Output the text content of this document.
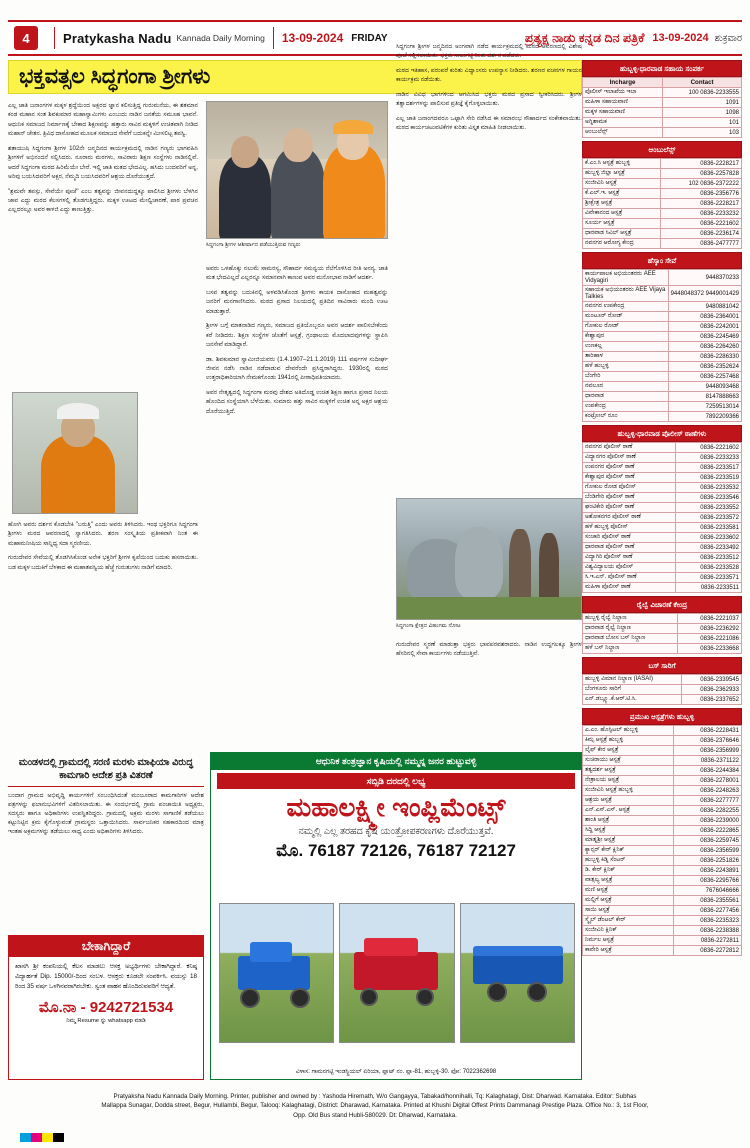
4	Pratykasha Nadu Kannada Daily Morning 13-09-2024 FRIDAY	ಪ್ರತ್ಯಕ್ಷ ನಾಡು ಕನ್ನಡ ದಿನ ಪತ್ರಿಕೆ 13-09-2024 ಶುಕ್ರವಾರ
ಭಕ್ತವತ್ಸಲ ಸಿದ್ಧಗಂಗಾ ಶ್ರೀಗಳು
ಸಿದ್ಧಗಂಗಾ ಶ್ರೀಗಳ ಆಶೀರ್ವಾದ ಪಡೆಯುತ್ತಿರುವ ಗಣ್ಯರು

ಎಲ್ಲ ಜಾತಿ ಜನಾಂಗಗಳ ಮಕ್ಕಳ ಶ್ರದ್ಧೆಯಿಂದ ಅಕ್ಷರದ ಜ್ಞಾನ ಕಲಿಸುತ್ತಿದ್ದ ಗುರುಮನೆಯ, ಈ ಶತಮಾನ ಕಂಡ ಮಹಾನ ಸಂತ ಶಿವಕುಮಾರ ಮಹಾಸ್ವಾಮಿಗಳು ಎಂಬುದು ನಾಡಿನ ಜನತೆಯ ಸಮೂಹ ಭಾವನೆ. ಆಧುನಿಕ ಸಮಾಜದ ನಿರ್ಮಾಣಕ್ಕೆ ಬೇಕಾದ ಶಿಕ್ಷಣವನ್ನು ಹತ್ತಾರು ಸಾವಿರ ಮಕ್ಕಳಿಗೆ ಉಚಿತವಾಗಿ ನೀಡಿದ ಮಹಾನ್ ಚೇತನ. ತ್ರಿವಿಧ ದಾಸೋಹದ ಮೂಲಕ ಸಮಾಜದ ಸೇವೆಗೆ ಬದುಕನ್ನೇ ಮೀಸಲಿಟ್ಟ ತಪಸ್ವಿ.

ಶತಾಯುಷಿ ಸಿದ್ಧಗಂಗಾ ಶ್ರೀಗಳ 102ನೇ ಜನ್ಮದಿನದ ಕಾರ್ಯಕ್ರಮದಲ್ಲಿ ನಾಡಿನ ಗಣ್ಯರು ಭಾಗವಹಿಸಿ ಶ್ರೀಗಳಿಗೆ ಅಭಿನಂದನೆ ಸಲ್ಲಿಸಿದರು. ನೂರಾರು ಮಠಗಳು, ಸಾವಿರಾರು ಶಿಕ್ಷಣ ಸಂಸ್ಥೆಗಳು ನಾಡಿನಲ್ಲಿವೆ. ಆದರೆ ಸಿದ್ಧಗಂಗಾ ಮಠದ ಹಿರಿಮೆಯೇ ಬೇರೆ. ಇಲ್ಲಿ ಜಾತಿ ಮತದ ಭೇದವಿಲ್ಲ. ಹಸಿದು ಬಂದವರಿಗೆ ಅನ್ನ, ಅರಿವು ಬಯಸಿದವರಿಗೆ ಅಕ್ಷರ, ನೆಮ್ಮದಿ ಬಯಸಿದವರಿಗೆ ಆಶ್ರಯ ದೊರೆಯುತ್ತದೆ.

"ಶ್ರಮವೇ ತಪಸ್ಸು, ಸೇವೆಯೇ ಪೂಜೆ" ಎಂಬ ತತ್ವವನ್ನು ಜೀವನದುದ್ದಕ್ಕೂ ಪಾಲಿಸಿದ ಶ್ರೀಗಳು ಬೆಳಗಿನ ಜಾವ ಎದ್ದು ಮಠದ ಕೆಲಸಗಳಲ್ಲಿ ತೊಡಗುತ್ತಿದ್ದರು. ಮಕ್ಕಳ ಊಟದ ಮೇಲ್ವಿಚಾರಣೆ, ಪಾಠ ಪ್ರವಚನ ಎಲ್ಲದರಲ್ಲೂ ಅವರ ಕಾಳಜಿ ಎದ್ದು ಕಾಣುತ್ತಿತ್ತು.

ಹೋಗಿ ಅವರು ದರ್ಶನ ಕೊಡಬೇಕಿ "ಬರುತ್ತಿ" ಎಂದು ಅವರು ತಿಳಿಸಿದರು. ಇಂಥ ಭಕ್ತರಿಗೂ ಸಿದ್ಧಗಂಗಾ ಶ್ರೀಗಳು ಮಠದ ಆವರಣದಲ್ಲಿ ಸ್ವಾಗತಿಸಿದರು. ಶರಣ ಸಂಸ್ಕೃತಿಯ ಪ್ರತೀಕವಾಗಿ ನಿಂತ ಈ ಮಹಾಮನೀಷಿಯ ಸಾನ್ನಿಧ್ಯ ಸದಾ ಸ್ಮರಣೀಯ.

ಗುರುದೇವರ ಸೇವೆಯಲ್ಲಿ ತೊಡಗಿಸಿಕೊಂಡ ಅನೇಕ ಭಕ್ತರಿಗೆ ಶ್ರೀಗಳ ಕೃಪೆಯಿಂದ ಬದುಕು ಹಸನಾಯಿತು. ಬಡ ಮಕ್ಕಳ ಬದುಕಿಗೆ ಬೆಳಕಾದ ಈ ಮಹಾತಪಸ್ವಿಯ ಹೆಜ್ಜೆ ಗುರುತುಗಳು ನಾಡಿಗೆ ಮಾದರಿ.

ಅವರು ಒಳಹೊಕ್ಕು ನಲುಮೆ ಸಾಮರಸ್ಯ, ಸೌಹಾರ್ದ ಸಮನ್ವಯ ನೆಲೆಗೊಳಿಸಿದ ರೀತಿ ಅನನ್ಯ. ಜಾತಿ ಮತ ಭೇದವಿಲ್ಲದೆ ಎಲ್ಲರನ್ನೂ ಸಮಾನವಾಗಿ ಕಾಣುವ ಅವರ ಮನೋಭಾವ ನಾಡಿಗೆ ಆದರ್ಶ.

ಬಸವ ತತ್ವವನ್ನು ಬದುಕಿನಲ್ಲಿ ಅಳವಡಿಸಿಕೊಂಡ ಶ್ರೀಗಳು ಕಾಯಕ ದಾಸೋಹದ ಮಹತ್ವವನ್ನು ಜನರಿಗೆ ಮನಗಾಣಿಸಿದರು. ಮಠದ ಪ್ರಸಾದ ನಿಲಯದಲ್ಲಿ ಪ್ರತಿದಿನ ಸಾವಿರಾರು ಮಂದಿ ಊಟ ಮಾಡುತ್ತಾರೆ.

ಶ್ರೀಗಳ ಬಗ್ಗೆ ಮಾತನಾಡಿದ ಗಣ್ಯರು, ಸಮಾಜದ ಪ್ರತಿಯೊಬ್ಬರೂ ಅವರ ಆದರ್ಶ ಪಾಲಿಸಬೇಕೆಂದು ಕರೆ ನೀಡಿದರು. ಶಿಕ್ಷಣ ಸಂಸ್ಥೆಗಳ ಜೊತೆಗೆ ಆಸ್ಪತ್ರೆ, ಗ್ರಂಥಾಲಯ ಮೊದಲಾದವುಗಳನ್ನು ಸ್ಥಾಪಿಸಿ ಜನಸೇವೆ ಮಾಡಿದ್ದಾರೆ.

ಡಾ. ಶಿವಕುಮಾರ ಸ್ವಾಮೀಜಿಯವರು (1.4.1907–21.1.2019) 111 ವರ್ಷಗಳ ಸುದೀರ್ಘ ಜೀವನ ನಡೆಸಿ ನಾಡಿನ ನಡೆದಾಡುವ ದೇವರೆಂದೇ ಪ್ರಸಿದ್ಧರಾಗಿದ್ದರು. 1930ರಲ್ಲಿ ಮಠದ ಉತ್ತರಾಧಿಕಾರಿಯಾಗಿ ನೇಮಕಗೊಂಡು 1941ರಲ್ಲಿ ಪೀಠಾಧಿಪತಿಯಾದರು.

ಅವರ ನೇತೃತ್ವದಲ್ಲಿ ಸಿದ್ಧಗಂಗಾ ಮಠವು ದೇಶದ ಅತಿದೊಡ್ಡ ಉಚಿತ ಶಿಕ್ಷಣ ಹಾಗೂ ಪ್ರಸಾದ ನಿಲಯ ಹೊಂದಿದ ಸಂಸ್ಥೆಯಾಗಿ ಬೆಳೆಯಿತು. ಸುಮಾರು ಹತ್ತು ಸಾವಿರ ಮಕ್ಕಳಿಗೆ ಉಚಿತ ಅನ್ನ ಅಕ್ಷರ ಆಶ್ರಯ ದೊರೆಯುತ್ತಿದೆ.

ಸಿದ್ಧಗಂಗಾ ಶ್ರೀಗಳ ಜನ್ಮದಿನದ ಅಂಗವಾಗಿ ನಡೆದ ಕಾರ್ಯಕ್ರಮದಲ್ಲಿ ಮಠದ ಆವರಣದಲ್ಲಿ ವಿಶೇಷ ಪೂಜೆ ಸಲ್ಲಿಸಲಾಯಿತು. ಭಕ್ತರು ಸಾಲುಗಟ್ಟಿ ನಿಂತು ದರ್ಶನ ಪಡೆದರು.

ಮಠದ ಇತಿಹಾಸ, ಪರಂಪರೆ ಕುರಿತು ವಿದ್ವಾಂಸರು ಉಪನ್ಯಾಸ ನೀಡಿದರು. ಶರಣರ ವಚನಗಳ ಗಾಯನ ಕಾರ್ಯಕ್ರಮ ನಡೆಯಿತು.

ನಾಡಿನ ವಿವಿಧ ಭಾಗಗಳಿಂದ ಆಗಮಿಸಿದ ಭಕ್ತರು ಮಠದ ಪ್ರಸಾದ ಸ್ವೀಕರಿಸಿದರು. ಶ್ರೀಗಳ ತತ್ವಾದರ್ಶಗಳನ್ನು ಪಾಲಿಸುವ ಪ್ರತಿಜ್ಞೆ ಕೈಗೊಳ್ಳಲಾಯಿತು.

ಎಲ್ಲ ಜಾತಿ ಜನಾಂಗದವರೂ ಒಟ್ಟಾಗಿ ಸೇರಿ ನಡೆಸಿದ ಈ ಸಮಾರಂಭ ಸೌಹಾರ್ದದ ಸಂಕೇತವಾಯಿತು. ಮಠದ ಕಾರ್ಯಚಟುವಟಿಕೆಗಳ ಕುರಿತು ವಿಸ್ತೃತ ಮಾಹಿತಿ ನೀಡಲಾಯಿತು.

ಸಿದ್ಧಗಂಗಾ ಕ್ಷೇತ್ರದ ವಿಹಂಗಮ ನೋಟ

ಗುರುದೇವರ ಸ್ಮರಣೆ ಮಾಡುತ್ತಾ ಭಕ್ತರು ಭಾವಪರವಶರಾದರು. ನಾಡಿನ ಉದ್ದಗಲಕ್ಕೂ ಶ್ರೀಗಳ ಹೆಸರಿನಲ್ಲಿ ಸೇವಾ ಕಾರ್ಯಗಳು ನಡೆಯುತ್ತಿವೆ.

ಮಂಡಳದಲ್ಲಿ ಗ್ರಾಮದಲ್ಲಿ ಸರಣಿ ಮರಳು ಮಾಫಿಯಾ ವಿರುದ್ಧ ಕಾಮಗಾರಿ ಆದೇಶ ಪ್ರತಿ ವಿತರಣೆ
ಬಂದಾಗ ಗ್ರಾಮದ ಅಭಿವೃದ್ಧಿ ಕಾರ್ಯಗಳಿಗೆ ಸಂಬಂಧಿಸಿದಂತೆ ಮಂಜೂರಾದ ಕಾಮಗಾರಿಗಳ ಆದೇಶ ಪತ್ರಗಳನ್ನು ಫಲಾನುಭವಿಗಳಿಗೆ ವಿತರಿಸಲಾಯಿತು. ಈ ಸಂದರ್ಭದಲ್ಲಿ ಗ್ರಾಮ ಪಂಚಾಯಿತಿ ಅಧ್ಯಕ್ಷರು, ಸದಸ್ಯರು ಹಾಗೂ ಅಧಿಕಾರಿಗಳು ಉಪಸ್ಥಿತರಿದ್ದರು. ಗ್ರಾಮದಲ್ಲಿ ಅಕ್ರಮ ಮರಳು ಸಾಗಾಣಿಕೆ ತಡೆಯಲು ಕಟ್ಟುನಿಟ್ಟಿನ ಕ್ರಮ ಕೈಗೊಳ್ಳುವಂತೆ ಗ್ರಾಮಸ್ಥರು ಒತ್ತಾಯಿಸಿದರು. ಸಾರ್ವಜನಿಕರ ಸಹಕಾರದಿಂದ ಮಾತ್ರ ಇಂತಹ ಅಕ್ರಮಗಳನ್ನು ತಡೆಯಲು ಸಾಧ್ಯ ಎಂದು ಅಧಿಕಾರಿಗಳು ತಿಳಿಸಿದರು.
ಬೇಕಾಗಿದ್ದಾರೆ
ಖಾಸಗಿ ಶ್ರೀ ಕಂಪನಿಯಲ್ಲಿ ಕೆಲಸ ಮಾಡಲು ಆಸಕ್ತ ಅಭ್ಯರ್ಥಿಗಳು ಬೇಕಾಗಿದ್ದಾರೆ. ಕನಿಷ್ಠ ವಿದ್ಯಾರ್ಹತೆ Dip. 15000/-ದಿಂದ ಸಂಬಳ. ಆಸಕ್ತರು ಕೂಡಲೇ ಸಂಪರ್ಕಿಸಿ. ವಯಸ್ಸು 18 ರಿಂದ 35 ವರ್ಷ ಒಳಗಿನವರಾಗಿರಬೇಕು. ಸ್ವಂತ ವಾಹನ ಹೊಂದಿರುವವರಿಗೆ ಆದ್ಯತೆ.
ಮೊ.ನಾ - 9242721534
ನಿಮ್ಮ Resume ನ್ನು whatsapp ಮಾಡಿ
ಆಧುನಿಕ ತಂತ್ರಜ್ಞಾನ ಕೃಷಿಯಲ್ಲಿ ನಮ್ಮನ್ನ ಜನರ ಹುಟ್ಟುವಳ್ಳಿ
ಸಬ್ಸಿಡಿ ದರದಲ್ಲಿ ಲಭ್ಯ
ಮಹಾಲಕ್ಷ್ಮೀ ಇಂಪ್ಲಿಮೆಂಟ್ಸ್
ನಮ್ಮಲ್ಲಿ ಎಲ್ಲ ತರಹದ ಕೃಷಿ ಯಂತ್ರೋಪಕರಣಗಳು ದೊರೆಯುತ್ತವೆ.
ಮೊ. 76187 72126, 76187 72127
ವಿಳಾಸ: ಗಾಮನಗಟ್ಟಿ ಇಂಡಸ್ಟ್ರಿಯಲ್ ಏರಿಯಾ, ಪ್ಲಾಟ್ ನಂ. ಪ್ಲಾ-81, ಹುಬ್ಬಳ್ಳಿ-30. ಫೋ: 7022362698
ಹುಬ್ಬಳ್ಳಿ-ಧಾರವಾಡ ಸಹಾಯ ಸಂಪರ್ಕ
Incharge	Contact
ಪೊಲೀಸ್ ಇಲಾಖೆಯ ಇಲಾ	100 0836-2233555
ಮಹಿಳಾ ಸಹಾಯವಾಣಿ	1091
ಮಕ್ಕಳ ಸಹಾಯವಾಣಿ	1098
ಅಗ್ನಿಶಾಮಕ	101
ಆಂಬುಲೆನ್ಸ್	103
ಆಂಬುಲೆನ್ಸ್
ಕೆ.ಎಂ.ಸಿ ಆಸ್ಪತ್ರೆ ಹುಬ್ಬಳ್ಳಿ	0836-2228217
ಹುಬ್ಬಳ್ಳಿ ಜಿಲ್ಲಾ ಆಸ್ಪತ್ರೆ	0836-2257828
ಸಂಜೀವಿನಿ ಆಸ್ಪತ್ರೆ	102 0836-2372222
ಕೆ.ಎಲ್.ಇ. ಆಸ್ಪತ್ರೆ	0836-2356776
ಶ್ರೀಕ್ಷೇತ್ರ ಆಸ್ಪತ್ರೆ	0836-2228217
ವಿವೇಕಾನಂದ ಆಸ್ಪತ್ರೆ	0836-2233232
ಸೂರ್ಯ ಆಸ್ಪತ್ರೆ	0836-2221602
ಧಾರವಾಡ ಸಿವಿಲ್ ಆಸ್ಪತ್ರೆ	0836-2236174
ನವನಗರ ಆರೋಗ್ಯ ಕೇಂದ್ರ	0836-2477777
ಹೆಸ್ಕಾಂ ಸೇವೆ
ಕಾರ್ಯಪಾಲಕ ಅಭಿಯಂತರರು AEE Vidyagiri	9448370233
ಸಹಾಯಕ ಅಭಿಯಂತರರು AEE Vijaya Talkies	9448048372 9449001429
ನವನಗರ ಉಪಕೇಂದ್ರ	9480881042
ಮಂಟೂರ್ ರೋಡ್	0836-2364001
ಗೋಕುಲ ರೋಡ್	0836-2242001
ಕೇಶ್ವಾಪುರ	0836-2245469
ಉಣಕಲ್ಲ	0836-2264260
ತಾರಿಹಾಳ	0836-2286330
ಹಳೆ ಹುಬ್ಬಳ್ಳಿ	0836-2352624
ಬೆಂಗೇರಿ	0836-2257468
ನವಲೂರ	9448093468
ಧಾರವಾಡ	8147888663
ಉಪಕೇಂದ್ರ	7259513014
ಕಂಟ್ರೋಲ್ ರೂಂ	7892209366
ಹುಬ್ಬಳ್ಳಿ-ಧಾರವಾಡ ಪೊಲೀಸ್ ಠಾಣೆಗಳು
ನವನಗರ ಪೊಲೀಸ್ ಠಾಣೆ	0836-2221602
ವಿದ್ಯಾನಗರ ಪೊಲೀಸ್ ಠಾಣೆ	0836-2233233
ಉಪನಗರ ಪೊಲೀಸ್ ಠಾಣೆ	0836-2233517
ಕೇಶ್ವಾಪುರ ಪೊಲೀಸ್ ಠಾಣೆ	0836-2233519
ಗೋಕುಲ ರೋಡ ಪೊಲೀಸ್	0836-2233532
ಬೆಂಡಿಗೇರಿ ಪೊಲೀಸ್ ಠಾಣೆ	0836-2233546
ಘಂಟಿಕೇರಿ ಪೊಲೀಸ್ ಠಾಣೆ	0836-2233552
ಅಶೋಕನಗರ ಪೊಲೀಸ್ ಠಾಣೆ	0836-2233572
ಹಳೆ ಹುಬ್ಬಳ್ಳಿ ಪೊಲೀಸ್	0836-2233581
ಸಂಚಾರಿ ಪೊಲೀಸ್ ಠಾಣೆ	0836-2233602
ಧಾರವಾಡ ಪೊಲೀಸ್ ಠಾಣೆ	0836-2233492
ವಿದ್ಯಾಗಿರಿ ಪೊಲೀಸ್ ಠಾಣೆ	0836-2233512
ವಿಶ್ವವಿದ್ಯಾಲಯ ಪೊಲೀಸ್	0836-2233528
ಸಿ.ಇ.ಎನ್. ಪೊಲೀಸ್ ಠಾಣೆ	0836-2233571
ಮಹಿಳಾ ಪೊಲೀಸ್ ಠಾಣೆ	0836-2233511
ರೈಲ್ವೆ ವಿಚಾರಣೆ ಕೇಂದ್ರ
ಹುಬ್ಬಳ್ಳಿ ರೈಲ್ವೆ ನಿಲ್ದಾಣ	0836-2221037
ಧಾರವಾಡ ರೈಲ್ವೆ ನಿಲ್ದಾಣ	0836-2236292
ಧಾರವಾಡ ಬೋಸ ಬಸ್ ನಿಲ್ದಾಣ	0836-2221086
ಹಳೆ ಬಸ್ ನಿಲ್ದಾಣ	0836-2233668
ಬಸ್ ಸಾರಿಗೆ
ಹುಬ್ಬಳ್ಳಿ ವಿಮಾನ ನಿಲ್ದಾಣ (IASAI)	0836-2339545
ಬೆಂಗಳೂರು ಸಾರಿಗೆ	0836-2362933
ಎನ್.ಡಬ್ಲ್ಯೂ.ಕೆ.ಆರ್.ಟಿ.ಸಿ.	0836-2337652
ಪ್ರಮುಖ ಆಸ್ಪತ್ರೆಗಳು ಹುಬ್ಬಳ್ಳಿ
ಎ.ಎಂ. ಹೊಸ್ಪಿಟಲ್ ಹುಬ್ಬಳ್ಳಿ	0836-2228431
ಕಿಮ್ಸ ಆಸ್ಪತ್ರೆ ಹುಬ್ಬಳ್ಳಿ	0836-2376646
ಲೈಫ್ ಕೇರ ಆಸ್ಪತ್ರೆ	0836-2356999
ಸುಚಿರಾಯು ಆಸ್ಪತ್ರೆ	0836-2371122
ತತ್ವದರ್ಶ ಆಸ್ಪತ್ರೆ	0836-2244384
ನೇತ್ರಾಲಯ ಆಸ್ಪತ್ರೆ	0836-2278001
ಸಂಜೀವಿನಿ ಆಸ್ಪತ್ರೆ ಹುಬ್ಬಳ್ಳಿ	0836-2248263
ಆಶ್ರಯ ಆಸ್ಪತ್ರೆ	0836-2277777
ಎನ್.ಎಸ್.ಎಸ್. ಆಸ್ಪತ್ರೆ	0836-2282255
ಶಾಂತಿ ಆಸ್ಪತ್ರೆ	0836-2239000
ಸಿದ್ಧಿ ಆಸ್ಪತ್ರೆ	0836-2222865
ಮಾತೃಶ್ರೀ ಆಸ್ಪತ್ರೆ	0836-2259745
ಕ್ಯಾನ್ಸರ್ ಕೇರ್ ಕ್ಲಿನಿಕ್	0836-2356599
ಹುಬ್ಬಳ್ಳಿ ಕಿಡ್ನಿ ಸೆಂಟರ್	0836-2251826
ಡಿ. ಕೇರ್ ಕ್ಲಿನಿಕ್	0836-2243891
ವಾತ್ಸಲ್ಯ ಆಸ್ಪತ್ರೆ	0836-2295766
ಮಣಿ ಆಸ್ಪತ್ರೆ	7676046666
ಮಲ್ಲಿಗೆ ಆಸ್ಪತ್ರೆ	0836-2355561
ಸಾಯಿ ಆಸ್ಪತ್ರೆ	0836-2277456
ಸ್ಮೈಲ್ ಡೆಂಟಲ್ ಕೇರ್	0836-2235323
ಸಂಜೀವಿನಿ ಕ್ಲಿನಿಕ್	0836-2238388
ನಿರ್ಮಲ ಆಸ್ಪತ್ರೆ	0836-2272811
ಕಾವೇರಿ ಆಸ್ಪತ್ರೆ	0836-2272812
Pratyaksha Nadu Kannada Daily Morning. Printer, publisher and owned by : Yashoda Hiremath, W/o Gangayya, Tabakad/honnihalli, Tq: Kalaghatagi, Dist: Dharwad. Karnataka. Editor: Subhas
Mallappa Sunagar, Dodda street, Begur, Hullambi, Begur, Talooq: Kalaghatagi, District: Dharawad, Karnataka. Printed at Khushi Digital Offest Prints Dammanagi Prestige Plaza. Office No.: 3, 1st Floor,
Opp. Old Bus stand Hubli-580029. Dt: Dharwad, Karnataka.
